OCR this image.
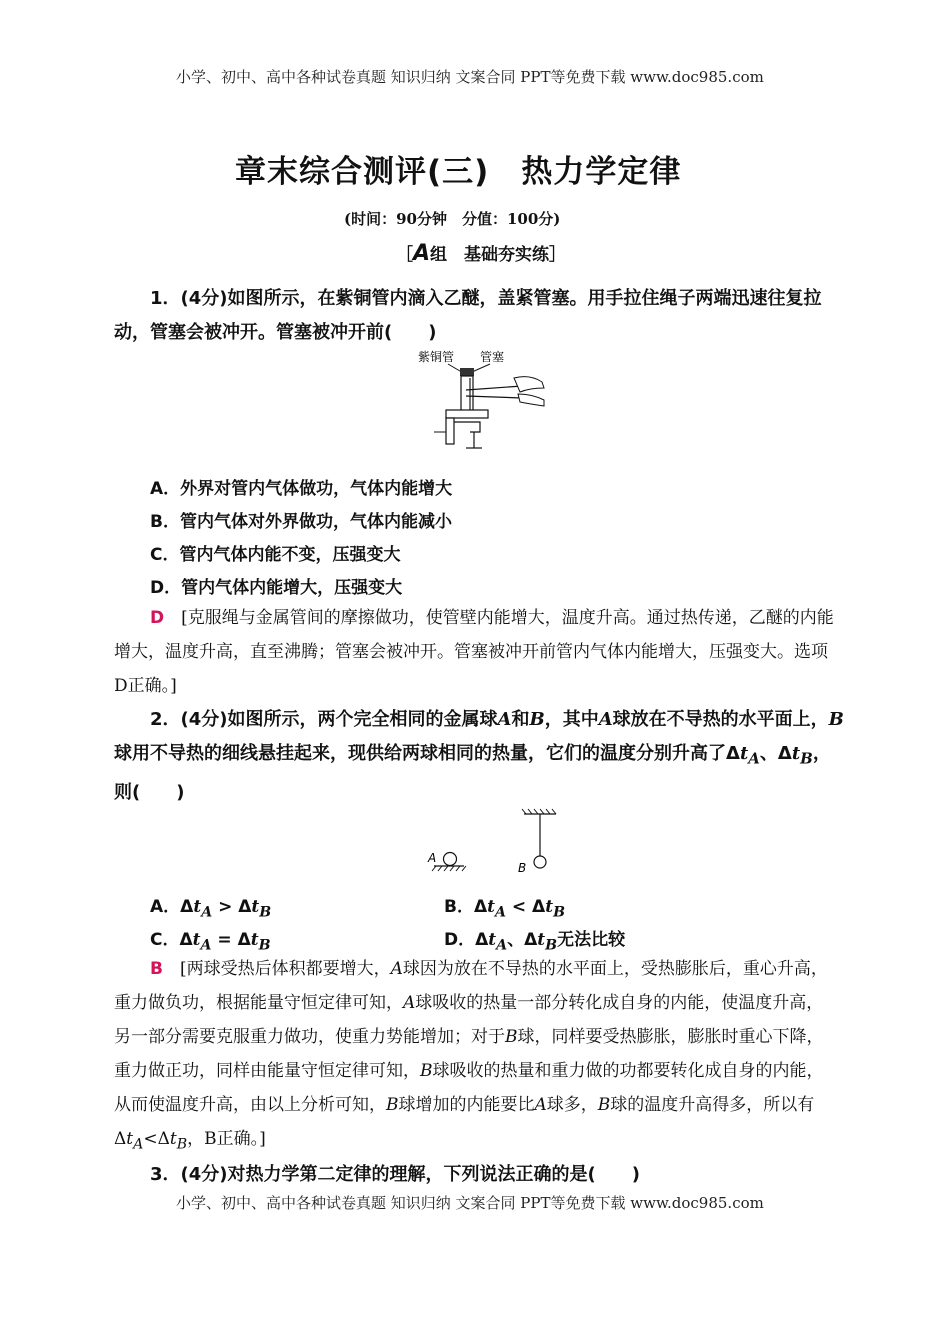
小学、初中、高中各种试卷真题 知识归纳 文案合同 PPT等免费下载 www.doc985.com
章末综合测评(三)　热力学定律
(时间：90分钟　分值：100分)
［A组　基础夯实练］
1．(4分)如图所示，在紫铜管内滴入乙醚，盖紧管塞。用手拉住绳子两端迅速往复拉动，管塞会被冲开。管塞被冲开前(　　)
紫铜管 管塞
A．外界对管内气体做功，气体内能增大
B．管内气体对外界做功，气体内能减小
C．管内气体内能不变，压强变大
D．管内气体内能增大，压强变大
D　 [克服绳与金属管间的摩擦做功，使管壁内能增大，温度升高。通过热传递，乙醚的内能增大，温度升高，直至沸腾；管塞会被冲开。管塞被冲开前管内气体内能增大，压强变大。选项D正确。]
2．(4分)如图所示，两个完全相同的金属球A和B，其中A球放在不导热的水平面上，B球用不导热的细线悬挂起来，现供给两球相同的热量，它们的温度分别升高了$\Delta t_A$、$\Delta t_B$，则(　　)
B
A
A．$\Delta t_A > \Delta t_B$	B．$\Delta t_A < \Delta t_B$
C．$\Delta t_A = \Delta t_B$	D．$\Delta t_A$、$\Delta t_B$无法比较
B　 [两球受热后体积都要增大，A球因为放在不导热的水平面上，受热膨胀后，重心升高，重力做负功，根据能量守恒定律可知，A球吸收的热量一部分转化成自身的内能，使温度升高，另一部分需要克服重力做功，使重力势能增加；对于B球，同样要受热膨胀，膨胀时重心下降，重力做正功，同样由能量守恒定律可知，B球吸收的热量和重力做的功都要转化成自身的内能，从而使温度升高，由以上分析可知，B球增加的内能要比A球多，B球的温度升高得多，所以有$\Delta t_A<\Delta t_B$，B正确。]
3．(4分)对热力学第二定律的理解，下列说法正确的是(　　)
小学、初中、高中各种试卷真题 知识归纳 文案合同 PPT等免费下载 www.doc985.com
